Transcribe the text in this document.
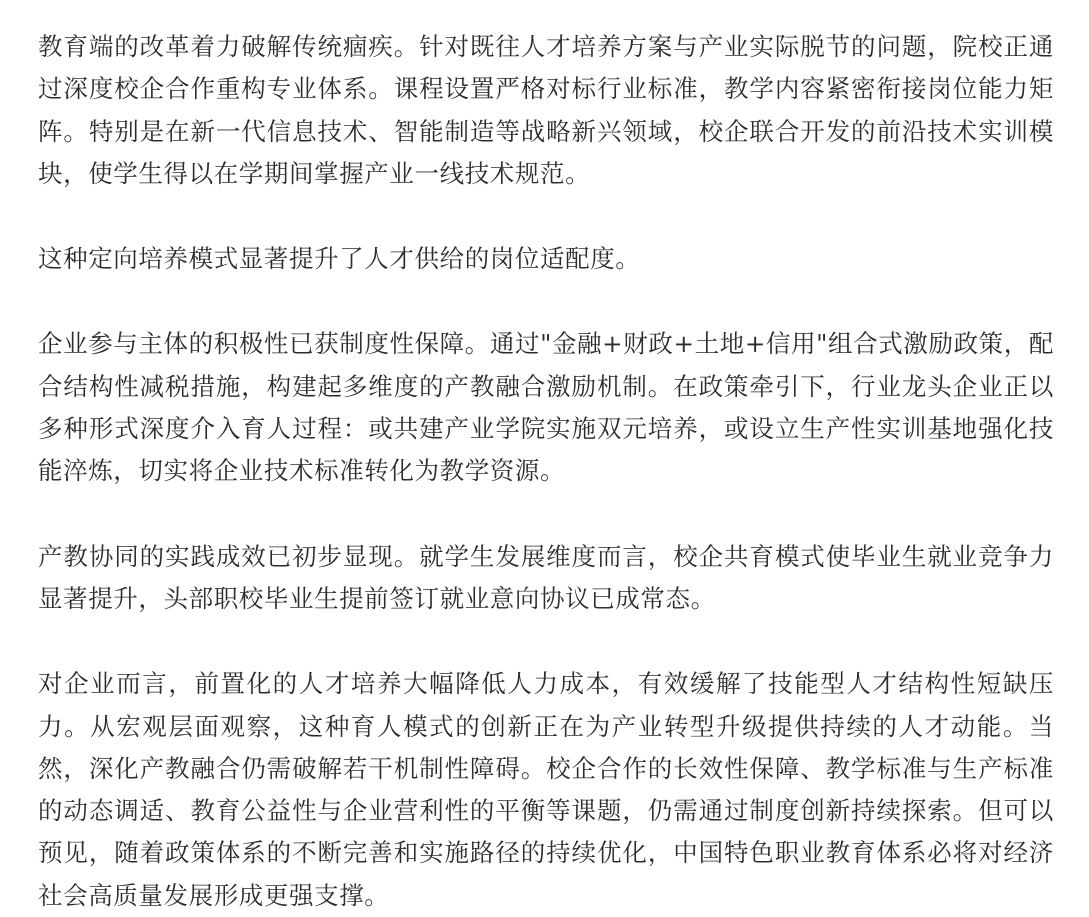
教育端的改革着力破解传统痼疾。针对既往人才培养方案与产业实际脱节的问题，院校正通过深度校企合作重构专业体系。课程设置严格对标行业标准，教学内容紧密衔接岗位能力矩阵。特别是在新一代信息技术、智能制造等战略新兴领域，校企联合开发的前沿技术实训模块，使学生得以在学期间掌握产业一线技术规范。

这种定向培养模式显著提升了人才供给的岗位适配度。

企业参与主体的积极性已获制度性保障。通过"金融+财政+土地+信用"组合式激励政策，配合结构性减税措施，构建起多维度的产教融合激励机制。在政策牵引下，行业龙头企业正以多种形式深度介入育人过程：或共建产业学院实施双元培养，或设立生产性实训基地强化技能淬炼，切实将企业技术标准转化为教学资源。

产教协同的实践成效已初步显现。就学生发展维度而言，校企共育模式使毕业生就业竞争力显著提升，头部职校毕业生提前签订就业意向协议已成常态。

对企业而言，前置化的人才培养大幅降低人力成本，有效缓解了技能型人才结构性短缺压力。从宏观层面观察，这种育人模式的创新正在为产业转型升级提供持续的人才动能。当然，深化产教融合仍需破解若干机制性障碍。校企合作的长效性保障、教学标准与生产标准的动态调适、教育公益性与企业营利性的平衡等课题，仍需通过制度创新持续探索。但可以预见，随着政策体系的不断完善和实施路径的持续优化，中国特色职业教育体系必将对经济社会高质量发展形成更强支撑。
